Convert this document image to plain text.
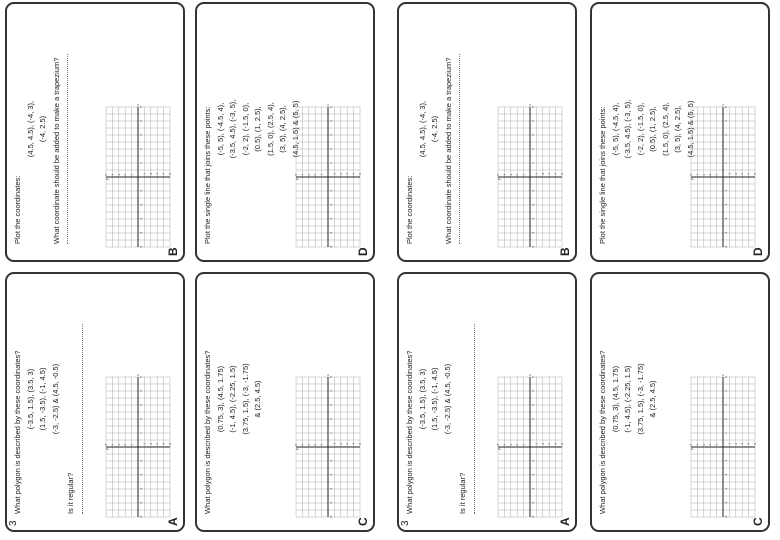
B
Plot the coordinates:
(4.5, 4.5), (-4, 3), (-4, 2.5) What coordinate should be added to make a trapezium?
-5
-4
-3
-2
-1
1
2
3
4
5
5 4 3 2 1	-1 -2 -3 -4 -5
x
y
D
Plot the single line that joins these points: (-5, 5), (-4.5, 4), (-3.5, 4.5), (-3, 5), (-2, 2), (-1.5, 0), (0.5), (1, 2.5), (1.5, 0), (2.5, 4), (3, 5), (4, 2.5), (4.5, 1.5) & (5, 5)
-5
-4
-3
-2
-1
1
2
3
4
5
5 4 3 2 1	-1 -2 -3 -4 -5
x
y
B
Plot the coordinates:
(4.5, 4.5), (-4, 3), (-4, 2.5) What coordinate should be added to make a trapezium?
-5
-4
-3
-2
-1
1
2
3
4
5
5 4 3 2 1	-1 -2 -3 -4 -5
x
y
D
Plot the single line that joins these points: (-5, 5), (-4.5, 4), (-3.5, 4.5), (-3, 5), (-2, 2), (-1.5, 0), (0.5), (1, 2.5), (1.5, 0), (2.5, 4), (3, 5), (4, 2.5), (4.5, 1.5) & (5, 5)
-5
-4
-3
-2
-1
1
2
3
4
5
5 4 3 2 1	-1 -2 -3 -4 -5
x
y
A
3
What polygon is described by these coordinates? (-3.5, 1.5), (3.5, 3) (1.5, -3.5), (-1, 4.5) (-3, -2.5) & (4.5, -0.5)
Is it regular?
-5
-4
-3
-2
-1
1
2
3
4
5
5 4 3 2 1	-1 -2 -3 -4 -5
x
y
C
What polygon is described by these coordinates? (0.75, 3), (4.5, 1.75) (-1, 4.5), (-2.25, 1.5) (3.75, 1.5), (-3, -1.75) & (2.5, 4.5)
-5
-4
-3
-2
-1
1
2
3
4
5
5 4 3 2 1	-1 -2 -3 -4 -5
x
y
A
3
What polygon is described by these coordinates? (-3.5, 1.5), (3.5, 3) (1.5, -3.5), (-1, 4.5) (-3, -2.5) & (4.5, -0.5)
Is it regular?
-5
-4
-3
-2
-1
1
2
3
4
5
5 4 3 2 1	-1 -2 -3 -4 -5
x
y
C
What polygon is described by these coordinates? (0.75, 3), (4.5, 1.75) (-1, 4.5), (-2.25, 1.5) (3.75, 1.5), (-3, -1.75) & (2.5, 4.5)
-5
-4
-3
-2
-1
1
2
3
4
5
5 4 3 2 1	-1 -2 -3 -4 -5
x
y
